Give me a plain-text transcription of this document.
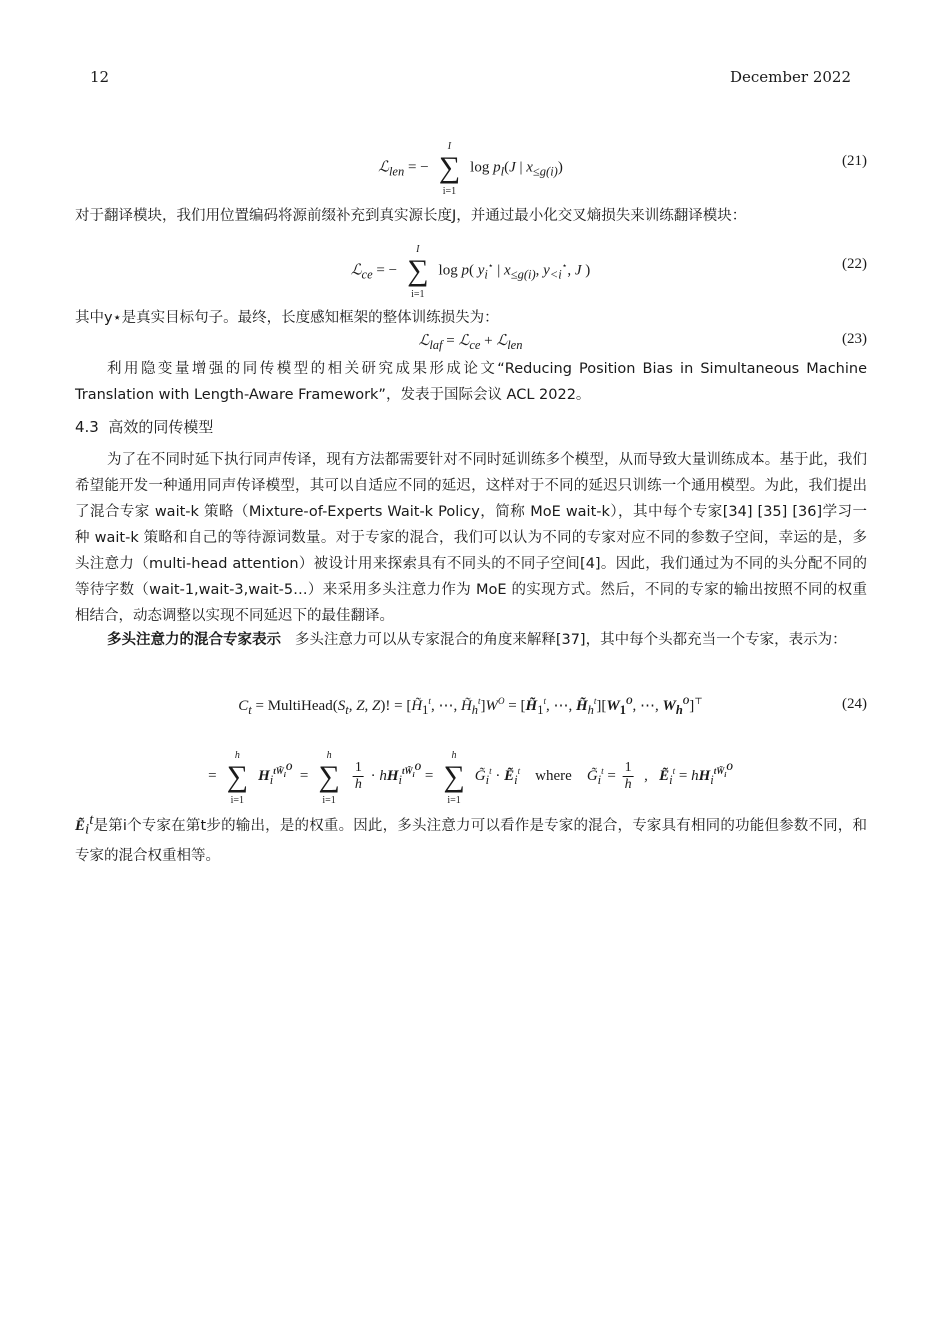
12	December 2022
ℒ$_{len}$ = −
I
∑
i=1
$\log p_l(J$ | $x_{\le g(i)}$)	(21)
对于翻译模块，我们用位置编码将源前缀补充到真实源长度J，并通过最小化交叉熵损失来训练翻译模块：
ℒ$_{ce}$ = −
I
∑
i=1
log p( $y_i^⋆$ | $x_{\le g(i)}$, $y_{<i}^⋆$, J )	(22)
其中y⋆是真实目标句子。最终，长度感知框架的整体训练损失为：
ℒ$_{laf}$ = ℒ$_{ce}$ + ℒ$_{len}$	(23)
利用隐变量增强的同传模型的相关研究成果形成论文“Reducing Position Bias in Simultaneous Machine Translation with Length-Aware Framework”，发表于国际会议 ACL 2022。
4.3 高效的同传模型
为了在不同时延下执行同声传译，现有方法都需要针对不同时延训练多个模型，从而导致大量训练成本。基于此，我们希望能开发一种通用同声传译模型，其可以自适应不同的延迟，这样对于不同的延迟只训练一个通用模型。为此，我们提出了混合专家 wait-k 策略（Mixture-of-Experts Wait-k Policy，简称 MoE wait-k），其中每个专家[34] [35] [36]学习一种 wait-k 策略和自己的等待源词数量。对于专家的混合，我们可以认为不同的专家对应不同的参数子空间，幸运的是，多头注意力（multi-head attention）被设计用来探索具有不同头的不同子空间[4]。因此，我们通过为不同的头分配不同的等待字数（wait-1,wait-3,wait-5…）来采用多头注意力作为 MoE 的实现方式。然后，不同的专家的输出按照不同的权重相结合，动态调整以实现不同延迟下的最佳翻译。
多头注意力的混合专家表示 多头注意力可以从专家混合的角度来解释[37]，其中每个头都充当一个专家，表示为：
$C_t$ = $MultiHead(S_t$, Z, Z)! = [$H̃_1^t$, ⋯, $H̃_h^t]W^O$ = [$H̃_1^t$, ⋯, $H̃_h^t][W_1^O$, ⋯, $W_h^O]^⊤$	(24)
=
h
∑
i=1
$H_i^{tW̃_i^O}$  =
h
∑
i=1

$\frac{1}{h} \cdot hH_i^{tW̃_i^O}$ =
h
∑
i=1
$G̃_i^t$ · Ẽ$_i^t$    where    $G̃_i^t = \frac{1}{h}$ ,   Ẽ$_i^t$ = $hH_i^{tW̃_i^O}$
Ẽ$_i^t$是第i个专家在第t步的输出，是的权重。因此，多头注意力可以看作是专家的混合，专家具有相同的功能但参数不同，和专家的混合权重相等。
